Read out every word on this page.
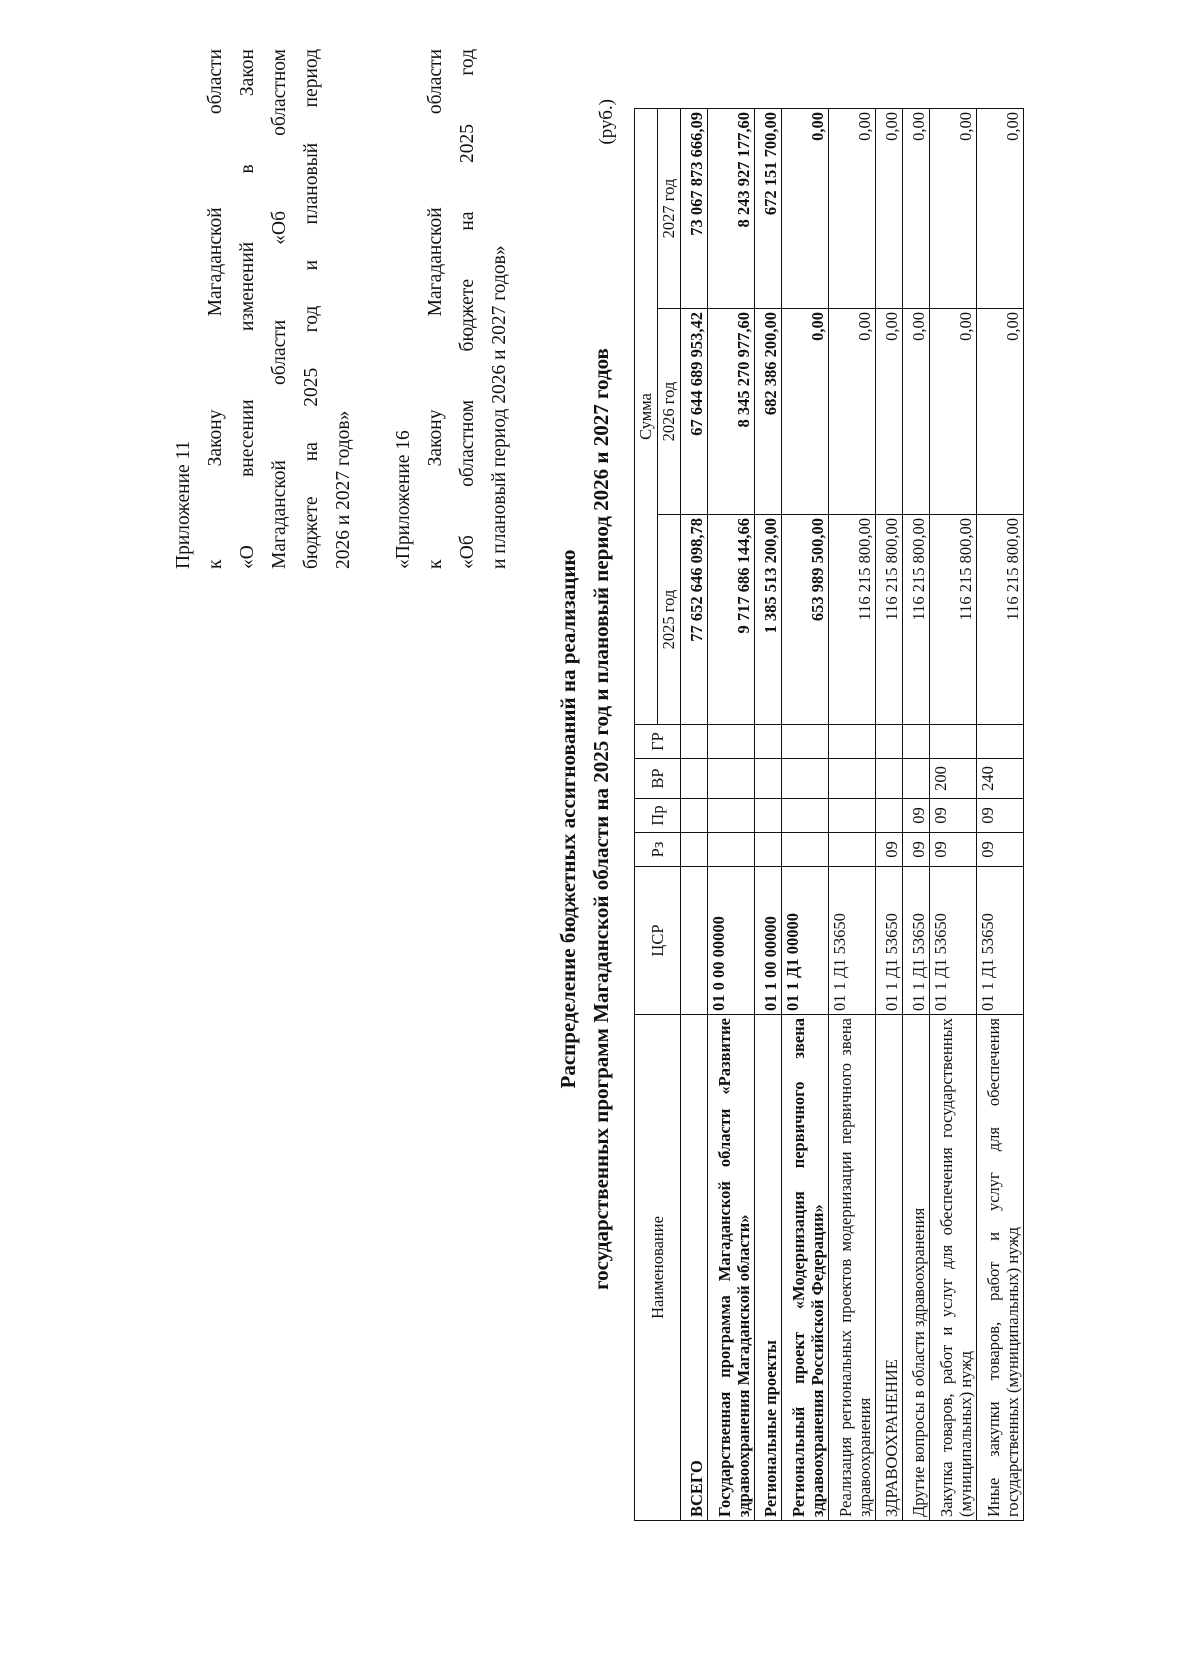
Приложение 11 к Закону Магаданской области «О внесении изменений в Закон Магаданской области «Об областном бюджете на 2025 год и плановый период 2026 и 2027 годов»	«Приложение 16 к Закону Магаданской области «Об областном бюджете на 2025 год и плановый период 2026 и 2027 годов»
Распределение бюджетных ассигнований на реализацию государственных программ Магаданской области на 2025 год и плановый период 2026 и 2027 годов
(руб.)
Наименование	ЦСР	Рз	Пр	ВР	ГР	Сумма		
						2025 год	2026 год	2027 год
ВСЕГО						77 652 646 098,78	67 644 689 953,42	73 067 873 666,09
Государственная программа Магаданской области «Развитие здравоохранения Магаданской области»	01 0 00 00000					9 717 686 144,66	8 345 270 977,60	8 243 927 177,60
Региональные проекты	01 1 00 00000					1 385 513 200,00	682 386 200,00	672 151 700,00
Региональный проект «Модернизация первичного звена здравоохранения Российской Федерации»	01 1 Д1 00000					653 989 500,00	0,00	0,00
Реализация региональных проектов модернизации первичного звена здравоохранения	01 1 Д1 53650					116 215 800,00	0,00	0,00
ЗДРАВООХРАНЕНИЕ	01 1 Д1 53650	09				116 215 800,00	0,00	0,00
Другие вопросы в области здравоохранения	01 1 Д1 53650	09	09			116 215 800,00	0,00	0,00
Закупка товаров, работ и услуг для обеспечения государственных (муниципальных) нужд	01 1 Д1 53650	09	09	200		116 215 800,00	0,00	0,00
Иные закупки товаров, работ и услуг для обеспечения государственных (муниципальных) нужд	01 1 Д1 53650	09	09	240		116 215 800,00	0,00	0,00
